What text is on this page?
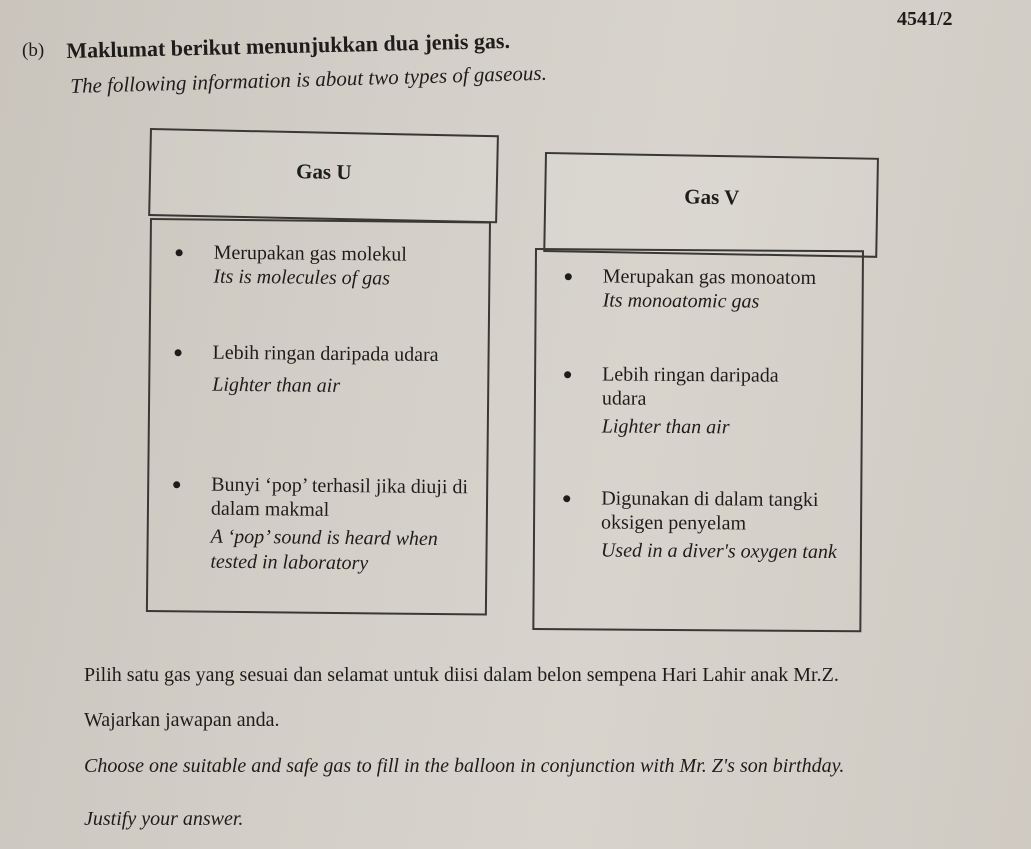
4541/2
(b) Maklumat berikut menunjukkan dua jenis gas.
The following information is about two types of gaseous.
Gas U
Gas V
Merupakan gas molekul
Its is molecules of gas
Lebih ringan daripada udara
Lighter than air
Bunyi ‘pop’ terhasil jika diuji di dalam makmal
A ‘pop’ sound is heard when tested in laboratory
Merupakan gas monoatom
Its monoatomic gas
Lebih ringan daripada udara
Lighter than air
Digunakan di dalam tangki oksigen penyelam
Used in a diver's oxygen tank
Pilih satu gas yang sesuai dan selamat untuk diisi dalam belon sempena Hari Lahir anak Mr.Z.
Wajarkan jawapan anda.
Choose one suitable and safe gas to fill in the balloon in conjunction with Mr. Z's son birthday.
Justify your answer.
